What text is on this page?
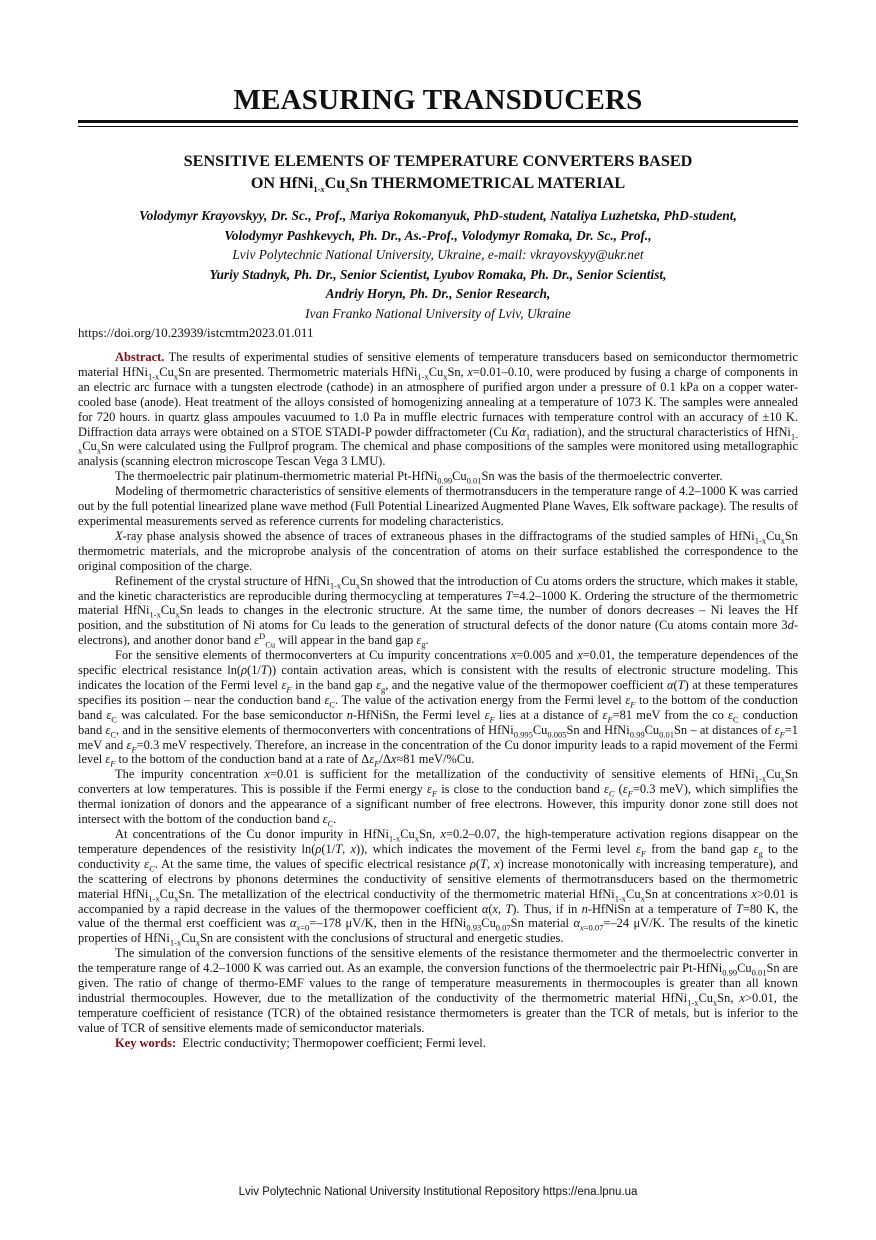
MEASURING TRANSDUCERS
SENSITIVE ELEMENTS OF TEMPERATURE CONVERTERS BASED
ON $HfNi_{1-x}Cu_xSn$ THERMOMETRICAL MATERIAL
Volodymyr Krayovskyy, Dr. Sc., Prof., Mariya Rokomanyuk, PhD-student, Nataliya Luzhetska, PhD-student,
Volodymyr Pashkevych, Ph. Dr., As.-Prof., Volodymyr Romaka, Dr. Sc., Prof.,
Lviv Polytechnic National University, Ukraine, e-mail: vkrayovskyy@ukr.net
Yuriy Stadnyk, Ph. Dr., Senior Scientist, Lyubov Romaka, Ph. Dr., Senior Scientist,
Andriy Horyn, Ph. Dr., Senior Research,
Ivan Franko National University of Lviv, Ukraine
https://doi.org/10.23939/istcmtm2023.01.011

Abstract. The results of experimental studies of sensitive elements of temperature transducers based on semiconductor thermometric material $HfNi_{1-x}Cu_xSn$ are presented. Thermometric materials $HfNi_{1-x}Cu_xSn$, x=0.01–0.10, were produced by fusing a charge of components in an electric arc furnace with a tungsten electrode (cathode) in an atmosphere of purified argon under a pressure of 0.1 kPa on a copper water-cooled base (anode). Heat treatment of the alloys consisted of homogenizing annealing at a temperature of 1073 K. The samples were annealed for 720 hours. in quartz glass ampoules vacuumed to 1.0 Pa in muffle electric furnaces with temperature control with an accuracy of ±10 K. Diffraction data arrays were obtained on a STOE STADI-P powder diffractometer (Cu $K\alpha_1$ radiation), and the structural characteristics of $HfNi_{1-x}Cu_xSn$ were calculated using the Fullprof program. The chemical and phase compositions of the samples were monitored using metallographic analysis (scanning electron microscope Tescan Vega 3 LMU).

The thermoelectric pair platinum-thermometric material $Pt-HfNi_{0.99}Cu_{0.01}Sn$ was the basis of the thermoelectric converter.

Modeling of thermometric characteristics of sensitive elements of thermotransducers in the temperature range of 4.2–1000 K was carried out by the full potential linearized plane wave method (Full Potential Linearized Augmented Plane Waves, Elk software package). The results of experimental measurements served as reference currents for modeling characteristics.

X-ray phase analysis showed the absence of traces of extraneous phases in the diffractograms of the studied samples of $HfNi_{1-x}Cu_xSn$ thermometric materials, and the microprobe analysis of the concentration of atoms on their surface established the correspondence to the original composition of the charge.

Refinement of the crystal structure of $HfNi_{1-x}Cu_xSn$ showed that the introduction of Cu atoms orders the structure, which makes it stable, and the kinetic characteristics are reproducible during thermocycling at temperatures T=4.2–1000 K. Ordering the structure of the thermometric material $HfNi_{1-x}Cu_xSn$ leads to changes in the electronic structure. At the same time, the number of donors decreases – Ni leaves the Hf position, and the substitution of Ni atoms for Cu leads to the generation of structural defects of the donor nature (Cu atoms contain more 3d-electrons), and another donor band $\varepsilon^D_{Cu}$ will appear in the band gap $\varepsilon_g$.

For the sensitive elements of thermoconverters at Cu impurity concentrations x=0.005 and x=0.01, the temperature dependences of the specific electrical resistance ln(ρ(1/T)) contain activation areas, which is consistent with the results of electronic structure modeling. This indicates the location of the Fermi level $\varepsilon_F$ in the band gap $\varepsilon_g$, and the negative value of the thermopower coefficient α(T) at these temperatures specifies its position – near the conduction band $\varepsilon_C$. The value of the activation energy from the Fermi level $\varepsilon_F$ to the bottom of the conduction band $\varepsilon_C$ was calculated. For the base semiconductor n-HfNiSn, the Fermi level $\varepsilon_F$ lies at a distance of $\varepsilon_F=81$ meV from the co $\varepsilon_C$ conduction band $\varepsilon_C$, and in the sensitive elements of thermoconverters with concentrations of $HfNi_{0.995}Cu_{0.005}Sn$ and $HfNi_{0.99}Cu_{0.01}Sn$ – at distances of $\varepsilon_F=1$ meV and $\varepsilon_F=0.3$ meV respectively. Therefore, an increase in the concentration of the Cu donor impurity leads to a rapid movement of the Fermi level $\varepsilon_F$ to the bottom of the conduction band at a rate of $\Delta\varepsilon_F/\Delta x\approx 81$ meV/%Cu.

The impurity concentration x=0.01 is sufficient for the metallization of the conductivity of sensitive elements of $HfNi_{1-x}Cu_xSn$ converters at low temperatures. This is possible if the Fermi energy $\varepsilon_F$ is close to the conduction band $\varepsilon_C$ ($\varepsilon_F=0.3$ meV), which simplifies the thermal ionization of donors and the appearance of a significant number of free electrons. However, this impurity donor zone still does not intersect with the bottom of the conduction band $\varepsilon_C$.

At concentrations of the Cu donor impurity in $HfNi_{1-x}Cu_xSn$, x=0.2–0.07, the high-temperature activation regions disappear on the temperature dependences of the resistivity ln(ρ(1/T, x)), which indicates the movement of the Fermi level $\varepsilon_F$ from the band gap $\varepsilon_g$ to the conductivity $\varepsilon_C$. At the same time, the values of specific electrical resistance ρ(T, x) increase monotonically with increasing temperature), and the scattering of electrons by phonons determines the conductivity of sensitive elements of thermotransducers based on the thermometric material $HfNi_{1-x}Cu_xSn$. The metallization of the electrical conductivity of the thermometric material $HfNi_{1-x}Cu_xSn$ at concentrations x>0.01 is accompanied by a rapid decrease in the values of the thermopower coefficient α(x, T). Thus, if in n-HfNiSn at a temperature of T=80 K, the value of the thermal erst coefficient was $\alpha_{x=0}=-178$ μV/K, then in the $HfNi_{0.93}Cu_{0.07}Sn$ material $\alpha_{x=0.07}=-24$ μV/K. The results of the kinetic properties of $HfNi_{1-x}Cu_xSn$ are consistent with the conclusions of structural and energetic studies.

The simulation of the conversion functions of the sensitive elements of the resistance thermometer and the thermoelectric converter in the temperature range of 4.2–1000 K was carried out. As an example, the conversion functions of the thermoelectric pair $Pt-HfNi_{0.99}Cu_{0.01}Sn$ are given. The ratio of change of thermo-EMF values to the range of temperature measurements in thermocouples is greater than all known industrial thermocouples. However, due to the metallization of the conductivity of the thermometric material $HfNi_{1-x}Cu_xSn$, x>0.01, the temperature coefficient of resistance (TCR) of the obtained resistance thermometers is greater than the TCR of metals, but is inferior to the value of TCR of sensitive elements made of semiconductor materials.

Key words: Electric conductivity; Thermopower coefficient; Fermi level.

Lviv Polytechnic National University Institutional Repository https://ena.lpnu.ua
